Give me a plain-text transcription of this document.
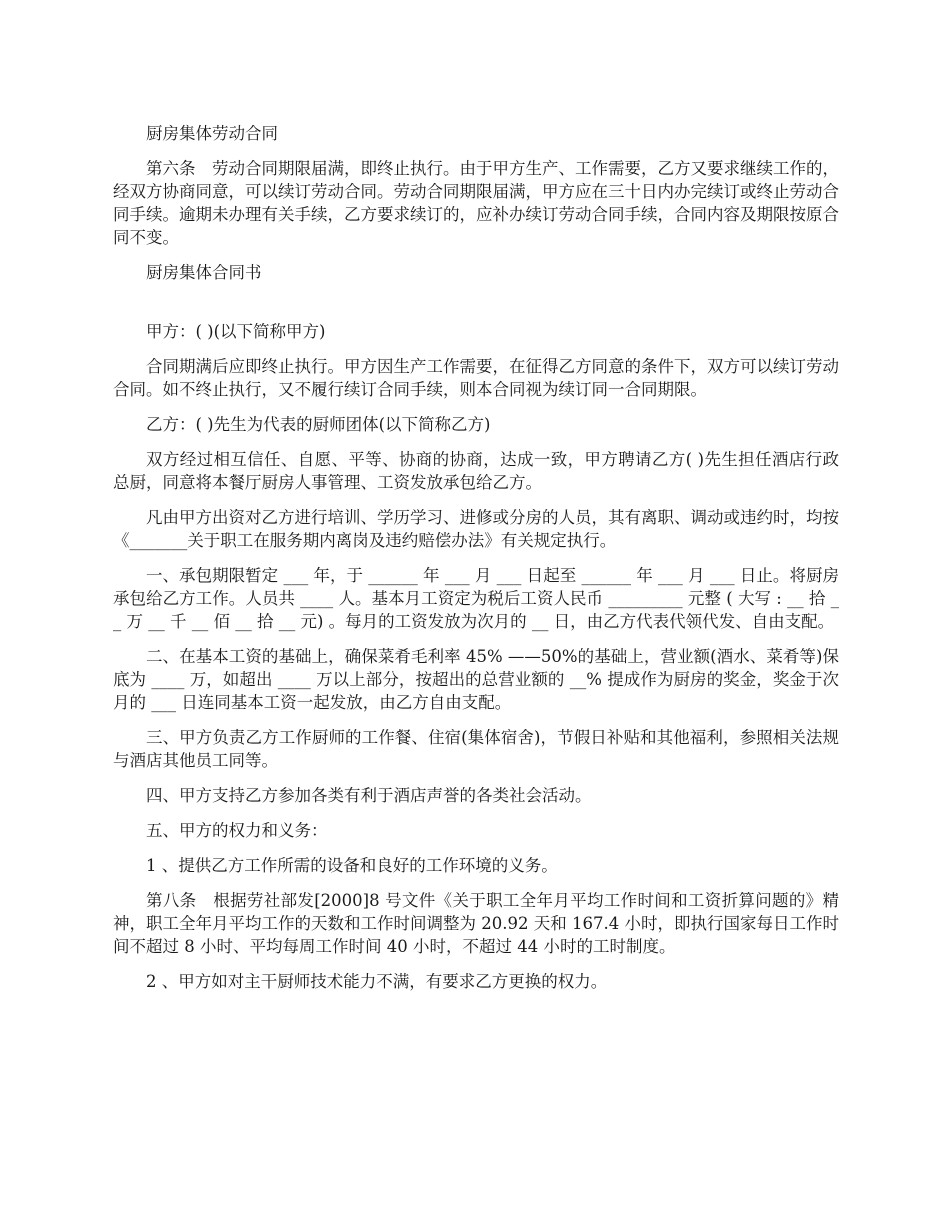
厨房集体劳动合同

第六条　劳动合同期限届满，即终止执行。由于甲方生产、工作需要，乙方又要求继续工作的，经双方协商同意，可以续订劳动合同。劳动合同期限届满，甲方应在三十日内办完续订或终止劳动合同手续。逾期未办理有关手续，乙方要求续订的，应补办续订劳动合同手续，合同内容及期限按原合同不变。

厨房集体合同书

甲方：( )(以下简称甲方)

合同期满后应即终止执行。甲方因生产工作需要，在征得乙方同意的条件下，双方可以续订劳动合同。如不终止执行，又不履行续订合同手续，则本合同视为续订同一合同期限。

乙方：( )先生为代表的厨师团体(以下简称乙方)

双方经过相互信任、自愿、平等、协商的协商，达成一致，甲方聘请乙方( )先生担任酒店行政总厨，同意将本餐厅厨房人事管理、工资发放承包给乙方。

凡由甲方出资对乙方进行培训、学历学习、进修或分房的人员，其有离职、调动或违约时，均按《_______关于职工在服务期内离岗及违约赔偿办法》有关规定执行。

一、承包期限暂定 ___ 年，于 ______ 年 ___ 月 ___ 日起至 ______ 年 ___ 月 ___ 日止。将厨房承包给乙方工作。人员共 ____ 人。基本月工资定为税后工资人民币 _________ 元整 ( 大写 : __ 拾 __ 万 __ 千 __ 佰 __ 拾 __ 元) 。每月的工资发放为次月的 __ 日，由乙方代表代领代发、自由支配。

二、在基本工资的基础上，确保菜肴毛利率 45% ——50%的基础上，营业额(酒水、菜肴等)保底为 ____ 万，如超出 ____ 万以上部分，按超出的总营业额的 __% 提成作为厨房的奖金，奖金于次月的 ___ 日连同基本工资一起发放，由乙方自由支配。

三、甲方负责乙方工作厨师的工作餐、住宿(集体宿舍)，节假日补贴和其他福利，参照相关法规与酒店其他员工同等。

四、甲方支持乙方参加各类有利于酒店声誉的各类社会活动。

五、甲方的权力和义务：

1 、提供乙方工作所需的设备和良好的工作环境的义务。

第八条　根据劳社部发[2000]8 号文件《关于职工全年月平均工作时间和工资折算问题的》精神，职工全年月平均工作的天数和工作时间调整为 20.92 天和 167.4 小时，即执行国家每日工作时间不超过 8 小时、平均每周工作时间 40 小时，不超过 44 小时的工时制度。

2 、甲方如对主干厨师技术能力不满，有要求乙方更换的权力。
